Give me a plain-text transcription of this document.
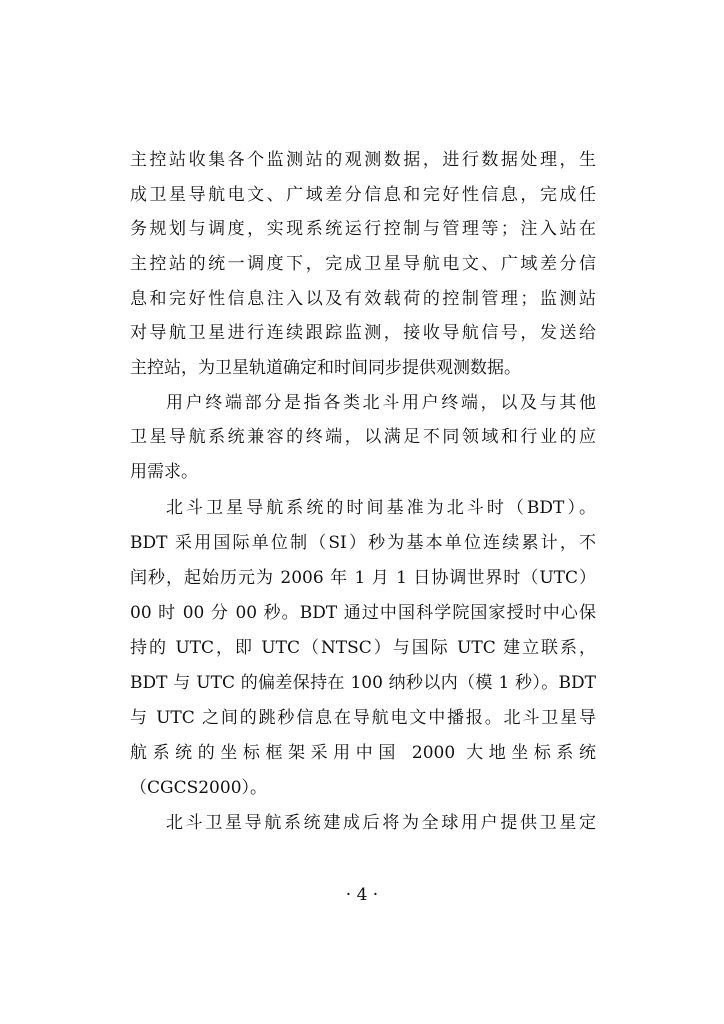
主控站收集各个监测站的观测数据，进行数据处理，生
成卫星导航电文、广域差分信息和完好性信息，完成任
务规划与调度，实现系统运行控制与管理等；注入站在
主控站的统一调度下，完成卫星导航电文、广域差分信
息和完好性信息注入以及有效载荷的控制管理；监测站
对导航卫星进行连续跟踪监测，接收导航信号，发送给
主控站，为卫星轨道确定和时间同步提供观测数据。
用户终端部分是指各类北斗用户终端，以及与其他
卫星导航系统兼容的终端，以满足不同领域和行业的应
用需求。
北斗卫星导航系统的时间基准为北斗时（BDT）。
BDT 采用国际单位制（SI）秒为基本单位连续累计，不
闰秒，起始历元为 2006 年 1 月 1 日协调世界时（UTC）
00 时 00 分 00 秒。BDT 通过中国科学院国家授时中心保
持的 UTC，即 UTC（NTSC）与国际 UTC 建立联系，
BDT 与 UTC 的偏差保持在 100 纳秒以内（模 1 秒）。BDT
与 UTC 之间的跳秒信息在导航电文中播报。北斗卫星导
航系统的坐标框架采用中国 2000 大地坐标系统
（CGCS2000）。
北斗卫星导航系统建成后将为全球用户提供卫星定
· 4 ·
